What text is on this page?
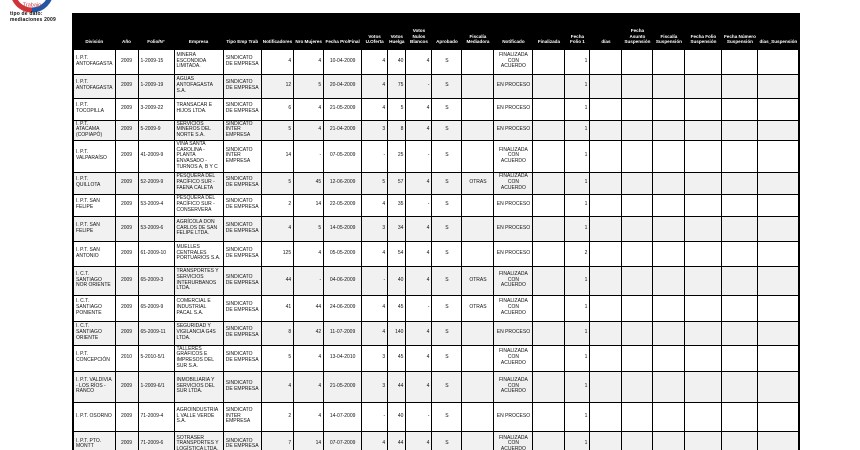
Trabajo
tipo de dato: mediaciones 2009
División	Año	Folio/N°	Empresa	Tipo Emp Trab	Notificadores	Nro Mujeres	Fecha Pro/Final	Votos U.Oferta	Votos Huelga	Votos Nulos Blancos	Aprobado	Fiscalía Mediadora	Notificado	Finalizada	Fecha Folio 1	días	Fecha Asunto Suspensión	Fiscalía Suspensión	Fecha Folio Suspensión	Fecha Número Suspensión	días_Suspensión
I. P.T. ANTOFAGASTA	2009	1-2009-15	MINERA ESCONDIDA LIMITADA.	SINDICATO DE EMPRESA	4	4	10-04-2009	4	40	4	S		FINALIZADA CON ACUERDO		1						
I. P.T. ANTOFAGASTA	2009	1-2009-19	AGUAS ANTOFAGASTA S.A.	SINDICATO DE EMPRESA	12	5	20-04-2009	4	75	-	S		EN PROCESO		1						
I. P.T. TOCOPILLA	2009	3-2009-22	TRANSACAR E HIJOS LTDA.	SINDICATO DE EMPRESA	6	4	21-05-2009	4	5	4	S		EN PROCESO		1						
I. P.T. ATACAMA (COPIAPÓ)	2009	5-2009-9	SERVICIOS MINEROS DEL NORTE S.A.	SINDICATO INTER EMPRESA	5	4	21-04-2009	3	8	4	S		EN PROCESO		1						
I. P.T. VALPARAÍSO	2009	41-2009-9	VIÑA SANTA CAROLINA - PLANTA ENVASADO - TURNOS A, B Y C	SINDICATO INTER EMPRESA	14	-	07-05-2009	-	25	-	S		FINALIZADA CON ACUERDO		1						
I. P.T. QUILLOTA	2009	52-2009-9	PESQUERA DEL PACÍFICO SUR - FAENA CALETA	SINDICATO DE EMPRESA	5	45	12-06-2009	5	57	4	S	OTRAS	FINALIZADA CON ACUERDO		1						
I. P.T. SAN FELIPE	2009	53-2009-4	PESQUERA DEL PACÍFICO SUR - CONSERVERA	SINDICATO DE EMPRESA	2	14	22-05-2009	4	35	-	S		EN PROCESO		1						
I. P.T. SAN FELIPE	2009	53-2009-6	AGRÍCOLA DON CARLOS DE SAN FELIPE LTDA.	SINDICATO DE EMPRESA	4	5	14-05-2009	3	34	4	S		EN PROCESO		1						
I. P.T. SAN ANTONIO	2009	61-2009-10	MUELLES CENTRALES PORTUARIOS S.A.	SINDICATO DE EMPRESA	125	4	05-05-2009	4	54	4	S		EN PROCESO		2						
I. C.T. SANTIAGO NOR ORIENTE	2009	65-2009-3	TRANSPORTES Y SERVICIOS INTERURBANOS LTDA.	SINDICATO DE EMPRESA	44	-	04-06-2009	-	40	4	S	OTRAS	FINALIZADA CON ACUERDO		1						
I. C.T. SANTIAGO PONIENTE	2009	65-2009-9	COMERCIAL E INDUSTRIAL PACAL S.A.	SINDICATO DE EMPRESA	41	44	24-06-2009	4	45	-	S	OTRAS	FINALIZADA CON ACUERDO		1						
I. C.T. SANTIAGO ORIENTE	2009	65-2009-11	SEGURIDAD Y VIGILANCIA G4S LTDA.	SINDICATO DE EMPRESA	8	42	11-07-2009	4	140	4	S		EN PROCESO		1						
I. P.T. CONCEPCIÓN	2010	5-2010-5/1	TALLERES GRÁFICOS E IMPRESOS DEL SUR S.A.	SINDICATO DE EMPRESA	5	4	13-04-2010	3	45	4	S		FINALIZADA CON ACUERDO		1						
I. P.T. VALDIVIA - LOS RÍOS - RANCO	2009	1-2009-6/1	INMOBILIARIA Y SERVICIOS DEL SUR LTDA.	SINDICATO DE EMPRESA	4	4	21-05-2009	3	44	4	S		FINALIZADA CON ACUERDO		1						
I. P.T. OSORNO	2009	71-2009-4	AGROINDUSTRIAL VALLE VERDE S.A.	SINDICATO INTER EMPRESA	2	4	14-07-2009	-	40	-	S		EN PROCESO		1						
I. P.T. PTO. MONTT	2009	71-2009-6	SOTRASER TRANSPORTES Y LOGÍSTICA LTDA.	SINDICATO DE EMPRESA	7	14	07-07-2009	4	44	4	S		FINALIZADA CON ACUERDO		1						
